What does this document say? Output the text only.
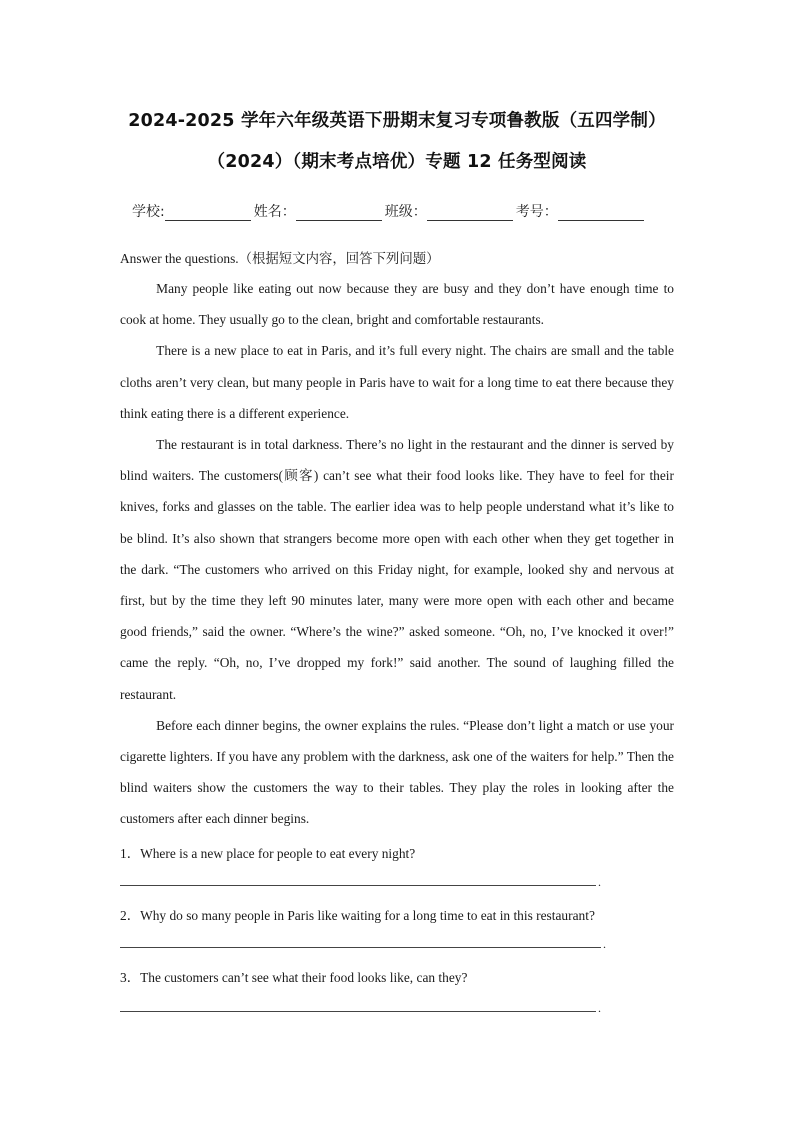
2024-2025 学年六年级英语下册期末复习专项鲁教版（五四学制）
（2024）（期末考点培优）专题 12 任务型阅读
学校:	姓名：	班级：	考号：
Answer the questions.（根据短文内容，回答下列问题）

Many people like eating out now because they are busy and they don’t have enough time to cook at home. They usually go to the clean, bright and comfortable restaurants.

There is a new place to eat in Paris, and it’s full every night. The chairs are small and the table cloths aren’t very clean, but many people in Paris have to wait for a long time to eat there because they think eating there is a different experience.

The restaurant is in total darkness. There’s no light in the restaurant and the dinner is served by blind waiters. The customers(顾客) can’t see what their food looks like. They have to feel for their knives, forks and glasses on the table. The earlier idea was to help people understand what it’s like to be blind. It’s also shown that strangers become more open with each other when they get together in the dark. “The customers who arrived on this Friday night, for example, looked shy and nervous at first, but by the time they left 90 minutes later, many were more open with each other and became good friends,” said the owner. “Where’s the wine?” asked someone. “Oh, no, I’ve knocked it over!” came the reply. “Oh, no, I’ve dropped my fork!” said another. The sound of laughing filled the restaurant.

Before each dinner begins, the owner explains the rules. “Please don’t light a match or use your cigarette lighters. If you have any problem with the darkness, ask one of the waiters for help.” Then the blind waiters show the customers the way to their tables. They play the roles in looking after the customers after each dinner begins.

1．Where is a new place for people to eat every night?
.
2．Why do so many people in Paris like waiting for a long time to eat in this restaurant?
.
3．The customers can’t see what their food looks like, can they?
.
